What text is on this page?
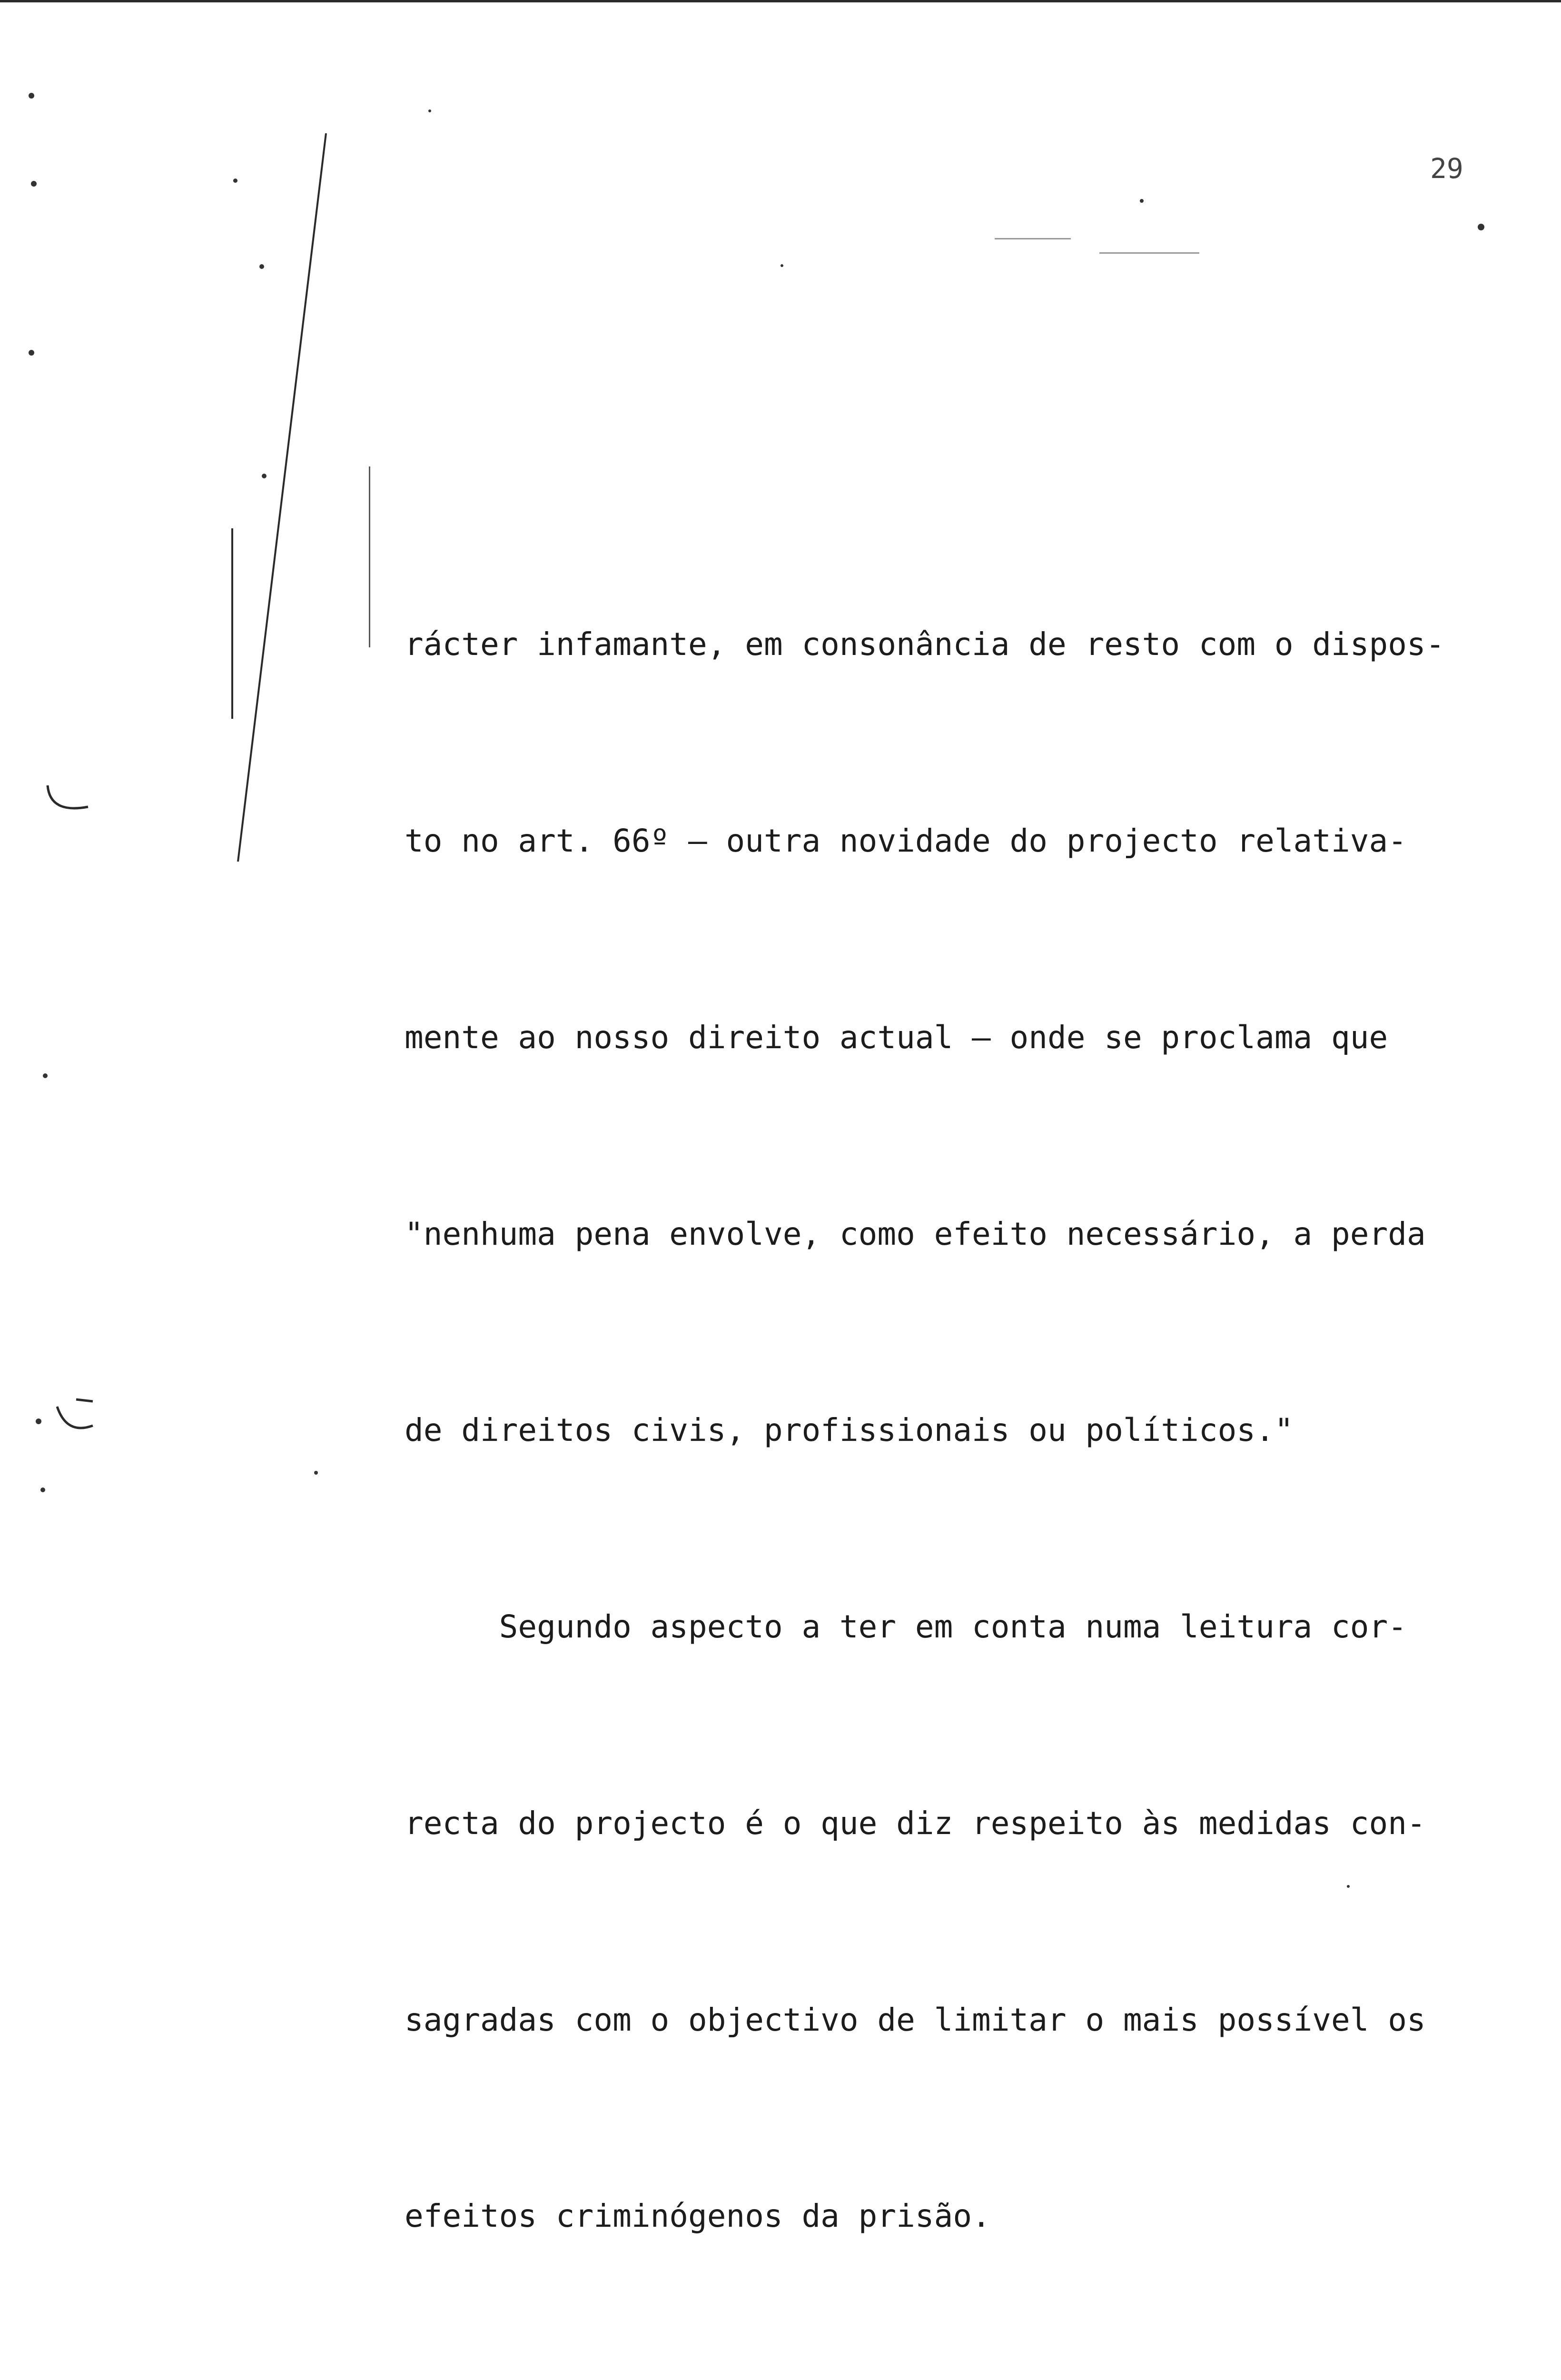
29

rácter infamante, em consonância de resto com o dispos-

to no art. 66º — outra novidade do projecto relativa-

mente ao nosso direito actual — onde se proclama que

"nenhuma pena envolve, como efeito necessário, a perda

de direitos civis, profissionais ou políticos."

Segundo aspecto a ter em conta numa leitura cor-

recta do projecto é o que diz respeito às medidas con-

sagradas com o objectivo de limitar o mais possível os

efeitos criminógenos da prisão.
